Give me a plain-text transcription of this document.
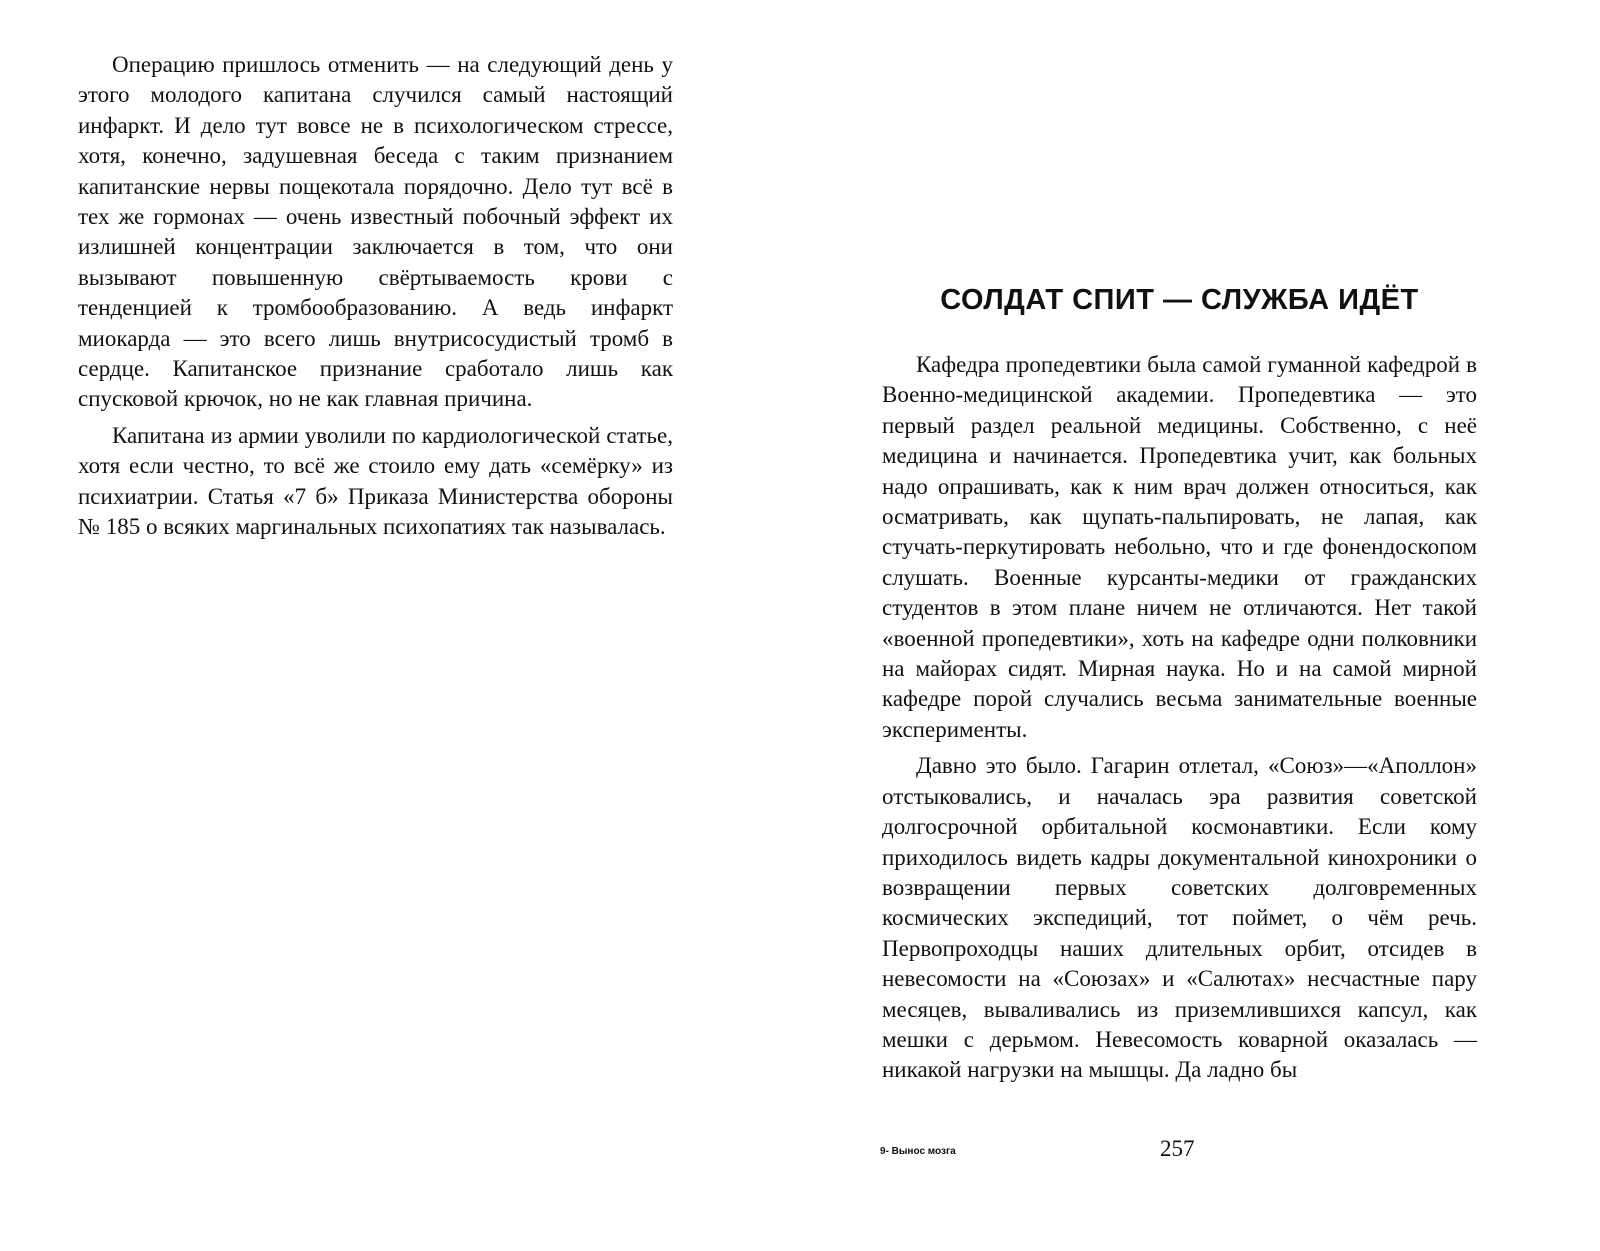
Операцию пришлось отменить — на следующий день у этого молодого капитана случился самый настоящий инфаркт. И дело тут вовсе не в психологическом стрессе, хотя, конечно, задушевная беседа с таким признанием капитанские нервы пощекотала порядочно. Дело тут всё в тех же гормонах — очень известный побочный эффект их излишней концентрации заключается в том, что они вызывают повышенную свёртываемость крови с тенденцией к тромбообразованию. А ведь инфаркт миокарда — это всего лишь внутрисосудистый тромб в сердце. Капитанское признание сработало лишь как спусковой крючок, но не как главная причина.

Капитана из армии уволили по кардиологической статье, хотя если честно, то всё же стоило ему дать «семёрку» из психиатрии. Статья «7 б» Приказа Министерства обороны № 185 о всяких маргинальных психопатиях так называлась.

СОЛДАТ СПИТ — СЛУЖБА ИДЁТ

Кафедра пропедевтики была самой гуманной кафедрой в Военно-медицинской академии. Пропедевтика — это первый раздел реальной медицины. Собственно, с неё медицина и начинается. Пропедевтика учит, как больных надо опрашивать, как к ним врач должен относиться, как осматривать, как щупать-пальпировать, не лапая, как стучать-перкутировать небольно, что и где фонендоскопом слушать. Военные курсанты-медики от гражданских студентов в этом плане ничем не отличаются. Нет такой «военной пропедевтики», хоть на кафедре одни полковники на майорах сидят. Мирная наука. Но и на самой мирной кафедре порой случались весьма занимательные военные эксперименты.

Давно это было. Гагарин отлетал, «Союз»—«Аполлон» отстыковались, и началась эра развития советской долгосрочной орбитальной космонавтики. Если кому приходилось видеть кадры документальной кинохроники о возвращении первых советских долговременных космических экспедиций, тот поймет, о чём речь. Первопроходцы наших длительных орбит, отсидев в невесомости на «Союзах» и «Салютах» несчастные пару месяцев, вываливались из приземлившихся капсул, как мешки с дерьмом. Невесомость коварной оказалась — никакой нагрузки на мышцы. Да ладно бы

9- Вынос мозга	257
